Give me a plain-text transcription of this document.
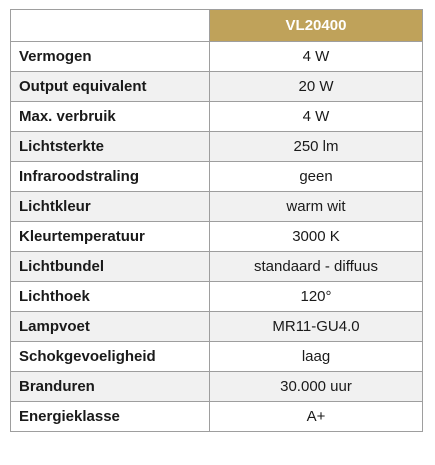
	VL20400
Vermogen	4 W
Output equivalent	20 W
Max. verbruik	4 W
Lichtsterkte	250 lm
Infraroodstraling	geen
Lichtkleur	warm wit
Kleurtemperatuur	3000 K
Lichtbundel	standaard - diffuus
Lichthoek	120°
Lampvoet	MR11-GU4.0
Schokgevoeligheid	laag
Branduren	30.000 uur
Energieklasse	A+
